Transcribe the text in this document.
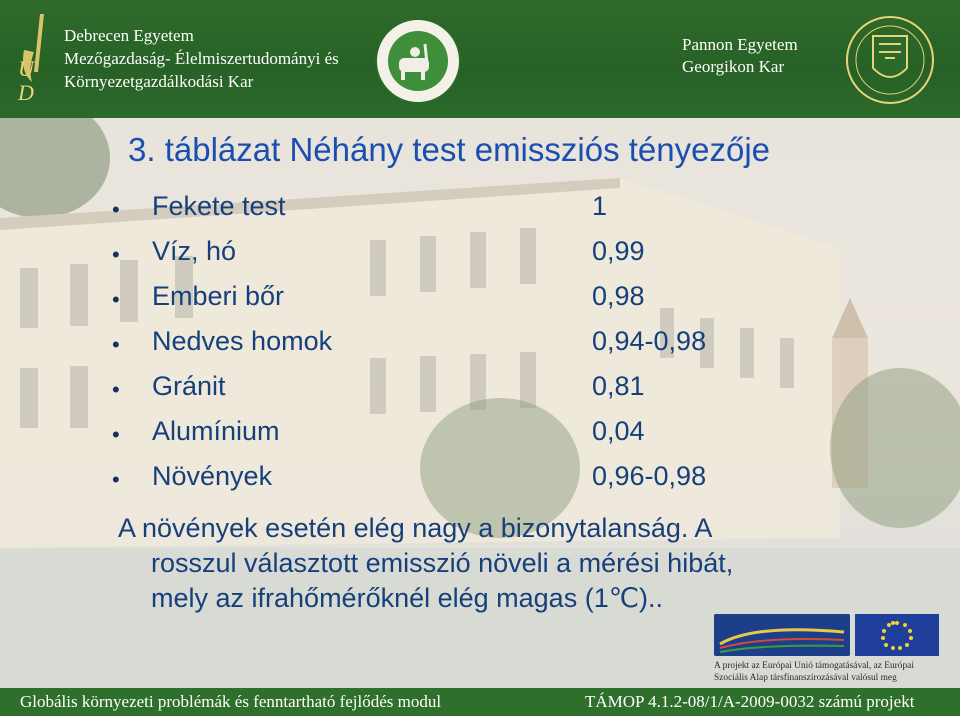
U
D
Debrecen Egyetem
Mezőgazdaság- Élelmiszertudományi és
Környezetgazdálkodási Kar
Pannon Egyetem
Georgikon Kar
3. táblázat Néhány test emissziós tényezője
• Fekete test	1
• Víz, hó	0,99
• Emberi bőr	0,98
• Nedves homok	0,94-0,98
• Gránit	0,81
• Alumínium	0,04
• Növények	0,96-0,98
A növények esetén elég nagy a bizonytalanság. A
rosszul választott emisszió növeli a mérési hibát,
mely az ifrahőmérőknél elég magas (1℃)..
A projekt az Európai Unió támogatásával, az Európai
Szociális Alap társfinanszírozásával valósul meg
Globális környezeti problémák és fenntartható fejlődés modul	TÁMOP 4.1.2-08/1/A-2009-0032 számú projekt
